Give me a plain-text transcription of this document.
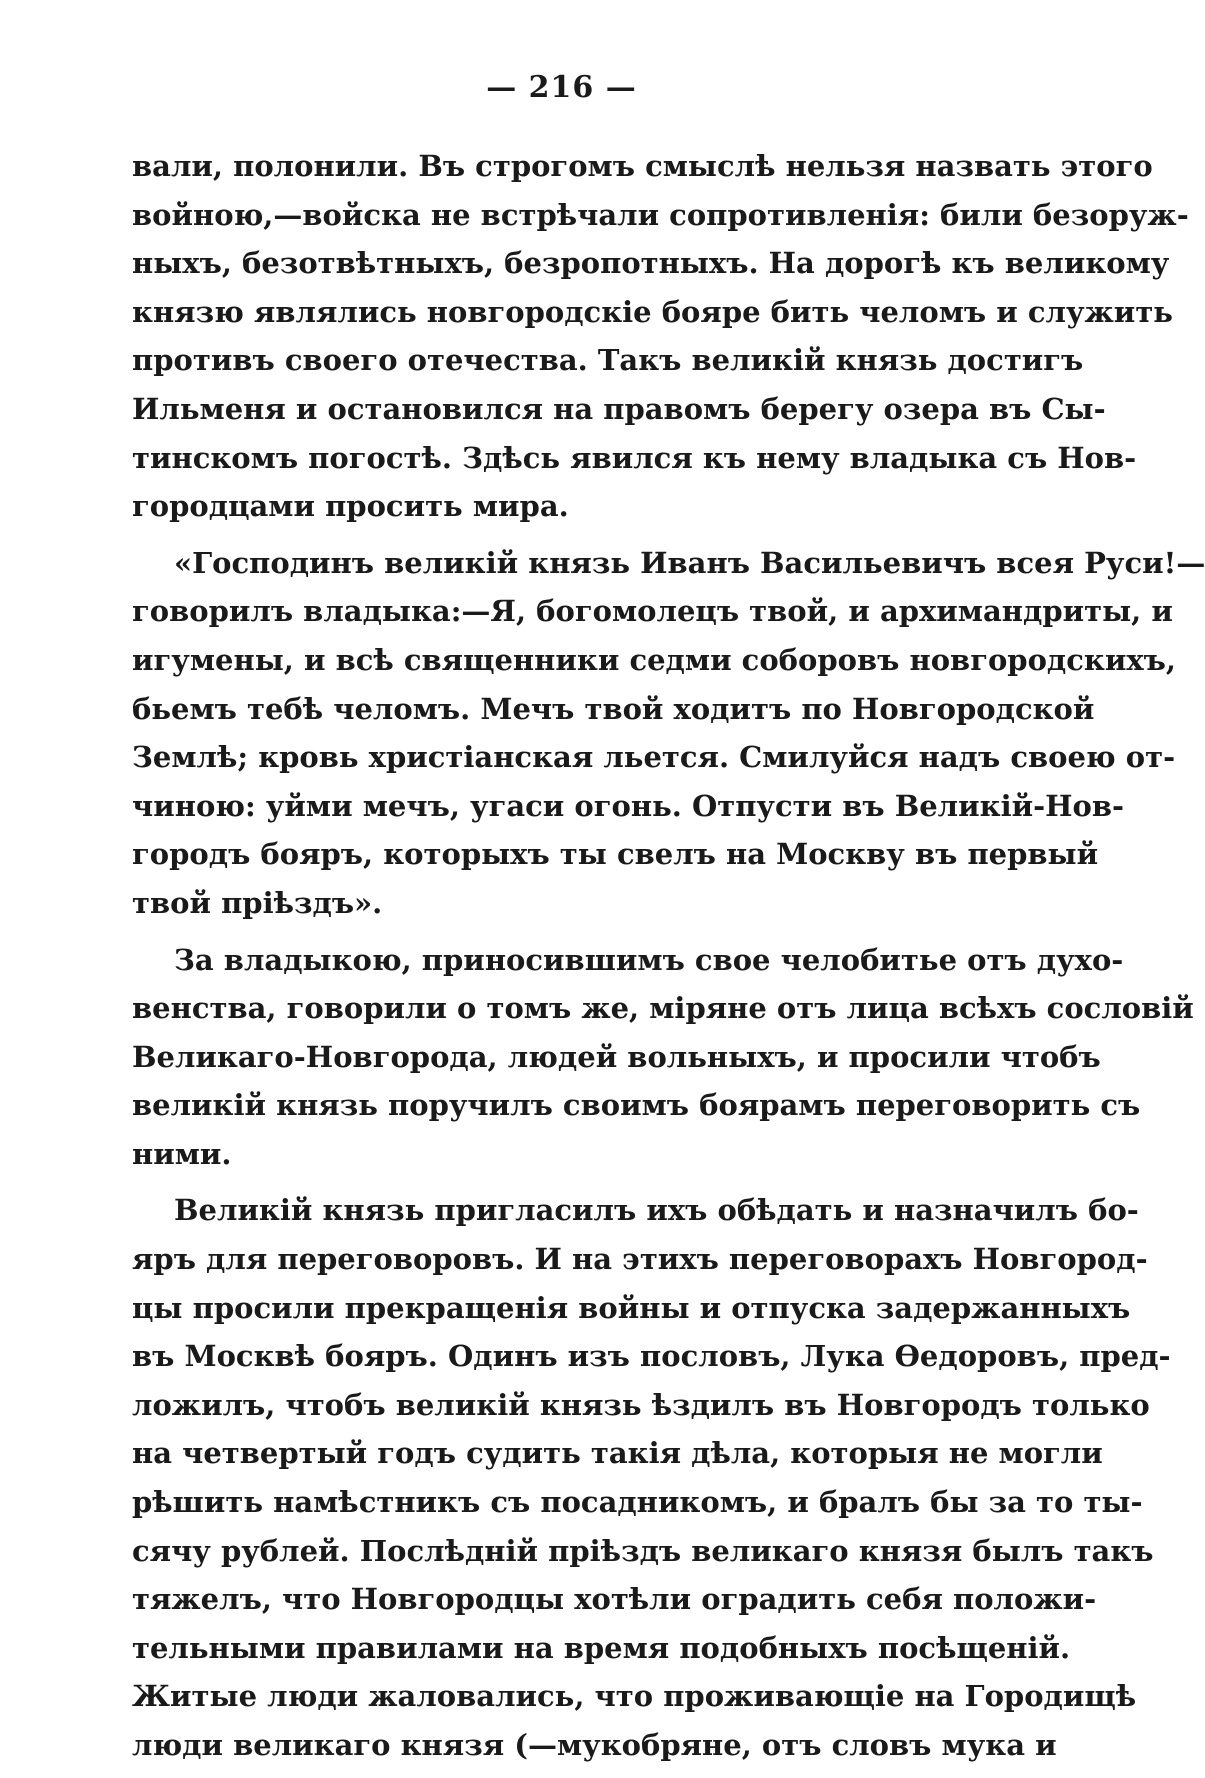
— 216 —
вали, полонили. Въ строгомъ смыслѣ нельзя назвать этого
войною,—войска не встрѣчали сопротивленія: били безоруж-
ныхъ, безотвѣтныхъ, безропотныхъ. На дорогѣ къ великому
князю являлись новгородскіе бояре бить челомъ и служить
противъ своего отечества. Такъ великій князь достигъ
Ильменя и остановился на правомъ берегу озера въ Сы-
тинскомъ погостѣ. Здѣсь явился къ нему владыка съ Нов-
городцами просить мира.
«Господинъ великій князь Иванъ Васильевичъ всея Руси!—
говорилъ владыка:—Я, богомолецъ твой, и архимандриты, и
игумены, и всѣ священники седми соборовъ новгородскихъ,
бьемъ тебѣ челомъ. Мечъ твой ходитъ по Новгородской
Землѣ; кровь христіанская льется. Смилуйся надъ своею от-
чиною: уйми мечъ, угаси огонь. Отпусти въ Великій-Нов-
городъ бояръ, которыхъ ты свелъ на Москву въ первый
твой пріѣздъ».
За владыкою, приносившимъ свое челобитье отъ духо-
венства, говорили о томъ же, міряне отъ лица всѣхъ сословій
Великаго-Новгорода, людей вольныхъ, и просили чтобъ
великій князь поручилъ своимъ боярамъ переговорить съ
ними.
Великій князь пригласилъ ихъ обѣдать и назначилъ бо-
яръ для переговоровъ. И на этихъ переговорахъ Новгород-
цы просили прекращенія войны и отпуска задержанныхъ
въ Москвѣ бояръ. Одинъ изъ пословъ, Лука Ѳедоровъ, пред-
ложилъ, чтобъ великій князь ѣздилъ въ Новгородъ только
на четвертый годъ судить такія дѣла, которыя не могли
рѣшить намѣстникъ съ посадникомъ, и бралъ бы за то ты-
сячу рублей. Послѣдній пріѣздъ великаго князя былъ такъ
тяжелъ, что Новгородцы хотѣли оградить себя положи-
тельными правилами на время подобныхъ посѣщеній.
Житые люди жаловались, что проживающіе на Городищѣ
люди великаго князя (—мукобряне, отъ словъ мука и
